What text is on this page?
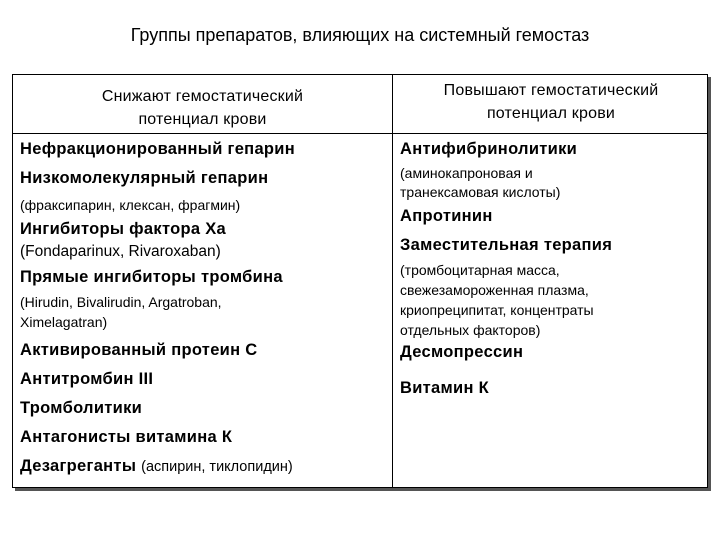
Группы препаратов, влияющих на системный гемостаз
Снижают гемостатический
потенциал крови
Повышают гемостатический
потенциал крови
Нефракционированный гепарин
Низкомолекулярный гепарин
(фраксипарин, клексан, фрагмин)
Ингибиторы фактора Ха
(Fondaparinux, Rivaroxaban)
Прямые ингибиторы тромбина
(Hirudin, Bivalirudin, Argatroban,
Ximelagatran)
Активированный протеин С
Антитромбин III
Тромболитики
Антагонисты витамина К
Дезагреганты (аспирин, тиклопидин)
Антифибринолитики
(аминокапроновая и
транексамовая кислоты)
Апротинин
Заместительная терапия
(тромбоцитарная масса,
свежезамороженная плазма,
криопреципитат, концентраты
отдельных факторов)
Десмопрессин
Витамин К
